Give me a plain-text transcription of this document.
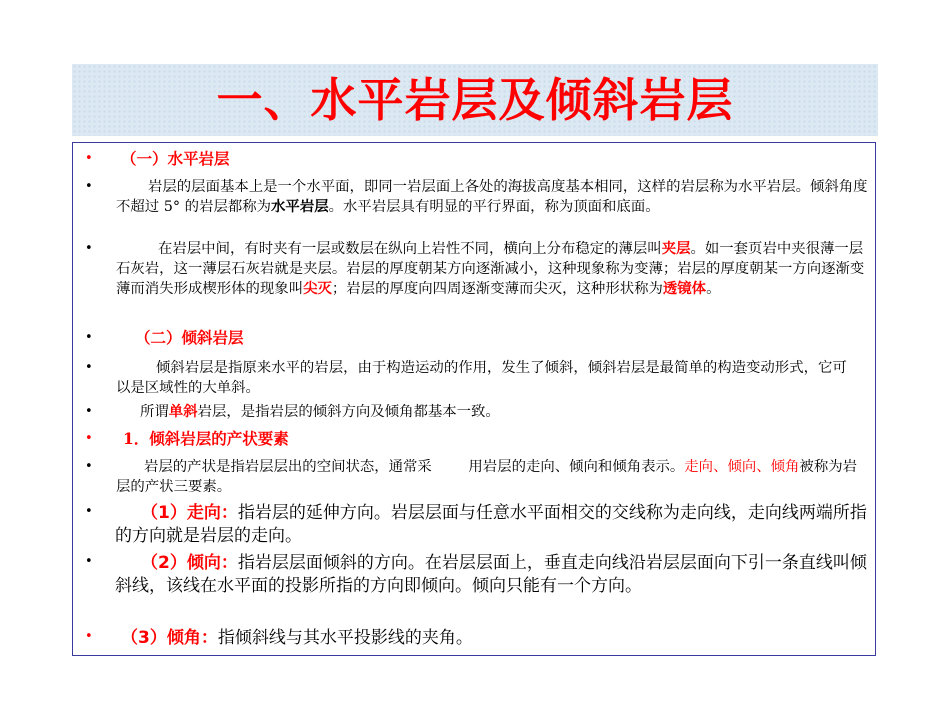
一、水平岩层及倾斜岩层
• （一）水平岩层
•	岩层的层面基本上是一个水平面，即同一岩层面上各处的海拔高度基本相同，这样的岩层称为水平岩层。倾斜角度不超过 5° 的岩层都称为水平岩层。水平岩层具有明显的平行界面，称为顶面和底面。
•	在岩层中间，有时夹有一层或数层在纵向上岩性不同，横向上分布稳定的薄层叫夹层。如一套页岩中夹很薄一层石灰岩，这一薄层石灰岩就是夹层。岩层的厚度朝某方向逐渐减小，这种现象称为变薄；岩层的厚度朝某一方向逐渐变薄而消失形成楔形体的现象叫尖灭；岩层的厚度向四周逐渐变薄而尖灭，这种形状称为透镜体。
•	（二）倾斜岩层
•	倾斜岩层是指原来水平的岩层，由于构造运动的作用，发生了倾斜，倾斜岩层是最简单的构造变动形式，它可以是区域性的大单斜。
•	所谓单斜岩层，是指岩层的倾斜方向及倾角都基本一致。
• 1．倾斜岩层的产状要素
•	岩层的产状是指岩层层出的空间状态，通常采        用岩层的走向、倾向和倾角表示。走向、倾向、倾角被称为岩层的产状三要素。
•	（1）走向：指岩层的延伸方向。岩层层面与任意水平面相交的交线称为走向线，走向线两端所指的方向就是岩层的走向。
•	（2）倾向：指岩层层面倾斜的方向。在岩层层面上，垂直走向线沿岩层层面向下引一条直线叫倾斜线，该线在水平面的投影所指的方向即倾向。倾向只能有一个方向。
•	（3）倾角：指倾斜线与其水平投影线的夹角。
